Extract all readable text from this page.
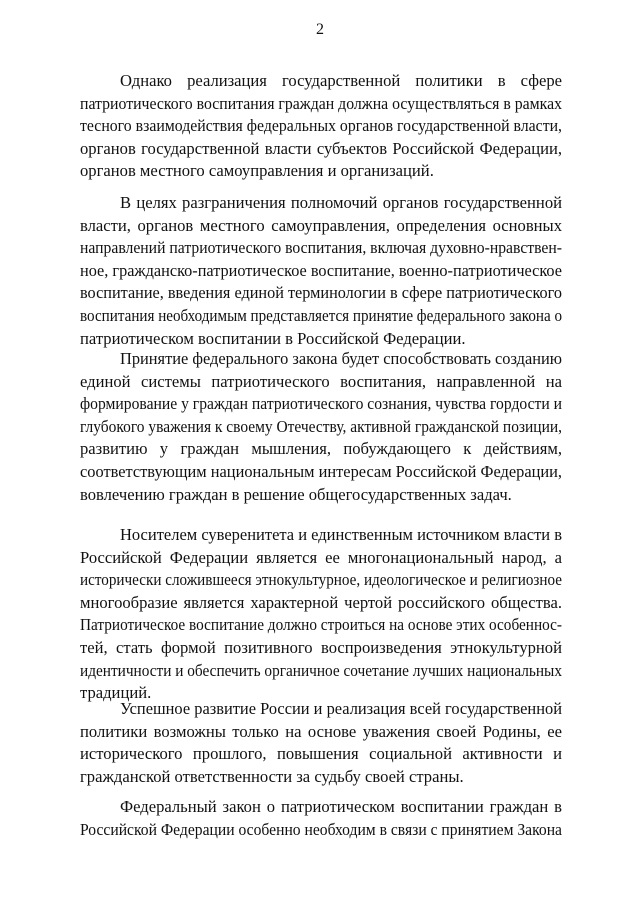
2
Однако реализация государственной политики в сфере
патриотического воспитания граждан должна осуществляться в рамках
тесного взаимодействия федеральных органов государственной власти,
органов государственной власти субъектов Российской Федерации,
органов местного самоуправления и организаций.
В целях разграничения полномочий органов государственной
власти, органов местного самоуправления, определения основных
направлений патриотического воспитания, включая духовно-нравствен-
ное, гражданско-патриотическое воспитание, военно-патриотическое
воспитание, введения единой терминологии в сфере патриотического
воспитания необходимым представляется принятие федерального закона о
патриотическом воспитании в Российской Федерации.
Принятие федерального закона будет способствовать созданию
единой системы патриотического воспитания, направленной на
формирование у граждан патриотического сознания, чувства гордости и
глубокого уважения к своему Отечеству, активной гражданской позиции,
развитию у граждан мышления, побуждающего к действиям,
соответствующим национальным интересам Российской Федерации,
вовлечению граждан в решение общегосударственных задач.
Носителем суверенитета и единственным источником власти в
Российской Федерации является ее многонациональный народ, а
исторически сложившееся этнокультурное, идеологическое и религиозное
многообразие является характерной чертой российского общества.
Патриотическое воспитание должно строиться на основе этих особеннос-
тей, стать формой позитивного воспроизведения этнокультурной
идентичности и обеспечить органичное сочетание лучших национальных
традиций.
Успешное развитие России и реализация всей государственной
политики возможны только на основе уважения своей Родины, ее
исторического прошлого, повышения социальной активности и
гражданской ответственности за судьбу своей страны.
Федеральный закон о патриотическом воспитании граждан в
Российской Федерации особенно необходим в связи с принятием Закона
